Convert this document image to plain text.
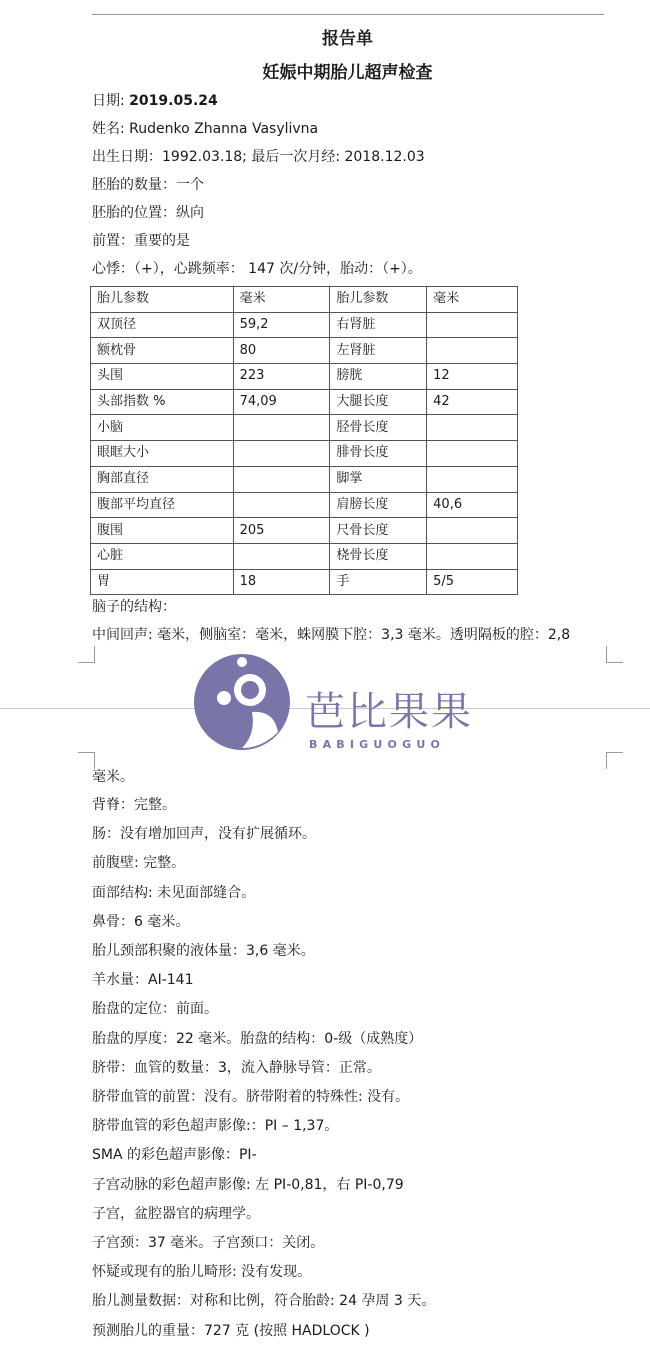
报告单
妊娠中期胎儿超声检查
日期: 2019.05.24
姓名: Rudenko Zhanna Vasylivna
出生日期：1992.03.18; 最后一次月经: 2018.12.03
胚胎的数量：一个
胚胎的位置：纵向
前置：重要的是
心悸：（+），心跳频率： 147 次/分钟，胎动：（+）。
胎儿参数	毫米	胎儿参数	毫米
双顶径	59,2	右肾脏	
额枕骨	80	左肾脏	
头围	223	膀胱	12
头部指数 %	74,09	大腿长度	42
小脑		胫骨长度	
眼眶大小		腓骨长度	
胸部直径		脚掌	
腹部平均直径		肩膀长度	40,6
腹围	205	尺骨长度	
心脏		桡骨长度	
胃	18	手	5/5
脑子的结构：
中间回声: 毫米，侧脑室：毫米，蛛网膜下腔：3,3 毫米。透明隔板的腔：2,8
芭比果果
BABIGUOGUO
毫米。
背脊：完整。
肠：没有增加回声，没有扩展循环。
前腹壁: 完整。
面部结构: 未见面部缝合。
鼻骨：6 毫米。
胎儿颈部积聚的液体量：3,6 毫米。
羊水量：AI-141
胎盘的定位：前面。
胎盘的厚度：22 毫米。胎盘的结构：0-级（成熟度）
脐带：血管的数量：3，流入静脉导管：正常。
脐带血管的前置：没有。脐带附着的特殊性: 没有。
脐带血管的彩色超声影像:：PI – 1,37。
SMA 的彩色超声影像：PI-
子宫动脉的彩色超声影像: 左 PI-0,81，右 PI-0,79
子宫，盆腔器官的病理学。
子宫颈：37 毫米。子宫颈口：关闭。
怀疑或现有的胎儿畸形: 没有发现。
胎儿测量数据：对称和比例，符合胎龄: 24 孕周 3 天。
预测胎儿的重量：727 克 (按照 HADLOCK )
